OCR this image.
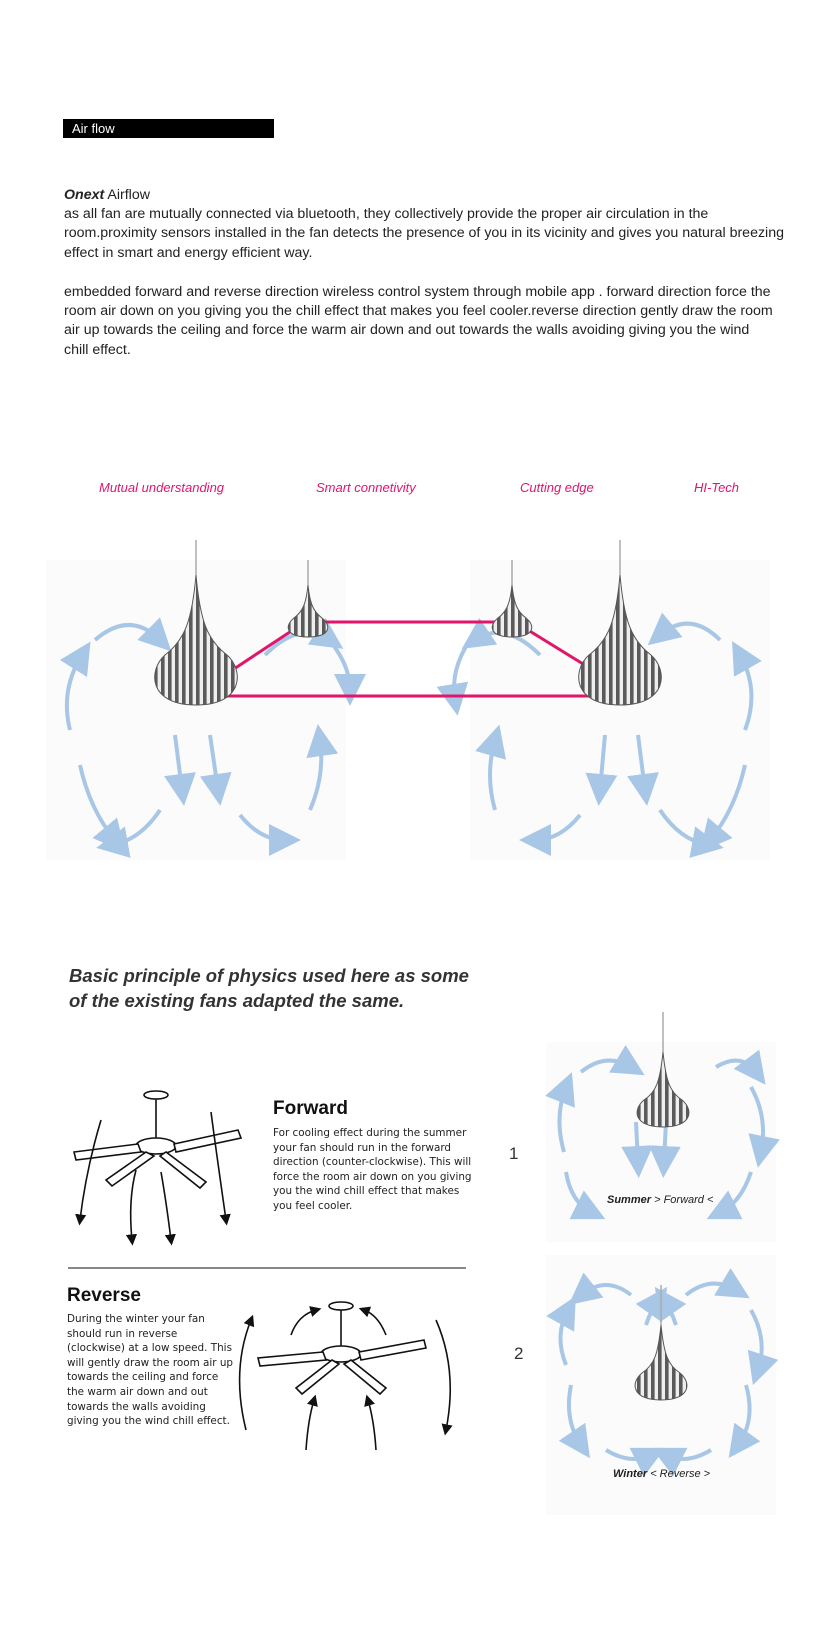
Air flow
Onext Airflow
as all fan are mutually connected via bluetooth, they collectively provide the proper air circulation in the room.proximity sensors installed in the fan detects the presence of you in its vicinity and gives you natural breezing effect in smart and energy efficient way.
embedded forward and reverse direction wireless control system through mobile app . forward direction force the room air down on you giving you the chill effect that makes you feel cooler.reverse direction gently draw the room air up towards the ceiling and force the warm air down and out towards the walls avoiding giving you the wind chill effect.
Mutual understanding	Smart connetivity	Cutting edge	HI-Tech
Basic principle of physics used here as some of the existing fans adapted the same.
Forward
For cooling effect during the summer your fan should run in the forward direction (counter-clockwise). This will force the room air down on you giving you the wind chill effect that makes you feel cooler.
1
Summer > Forward <
Reverse
During the winter your fan should run in reverse (clockwise) at a low speed. This will gently draw the room air up towards the ceiling and force the warm air down and out towards the walls avoiding giving you the wind chill effect.
2
Winter < Reverse >
